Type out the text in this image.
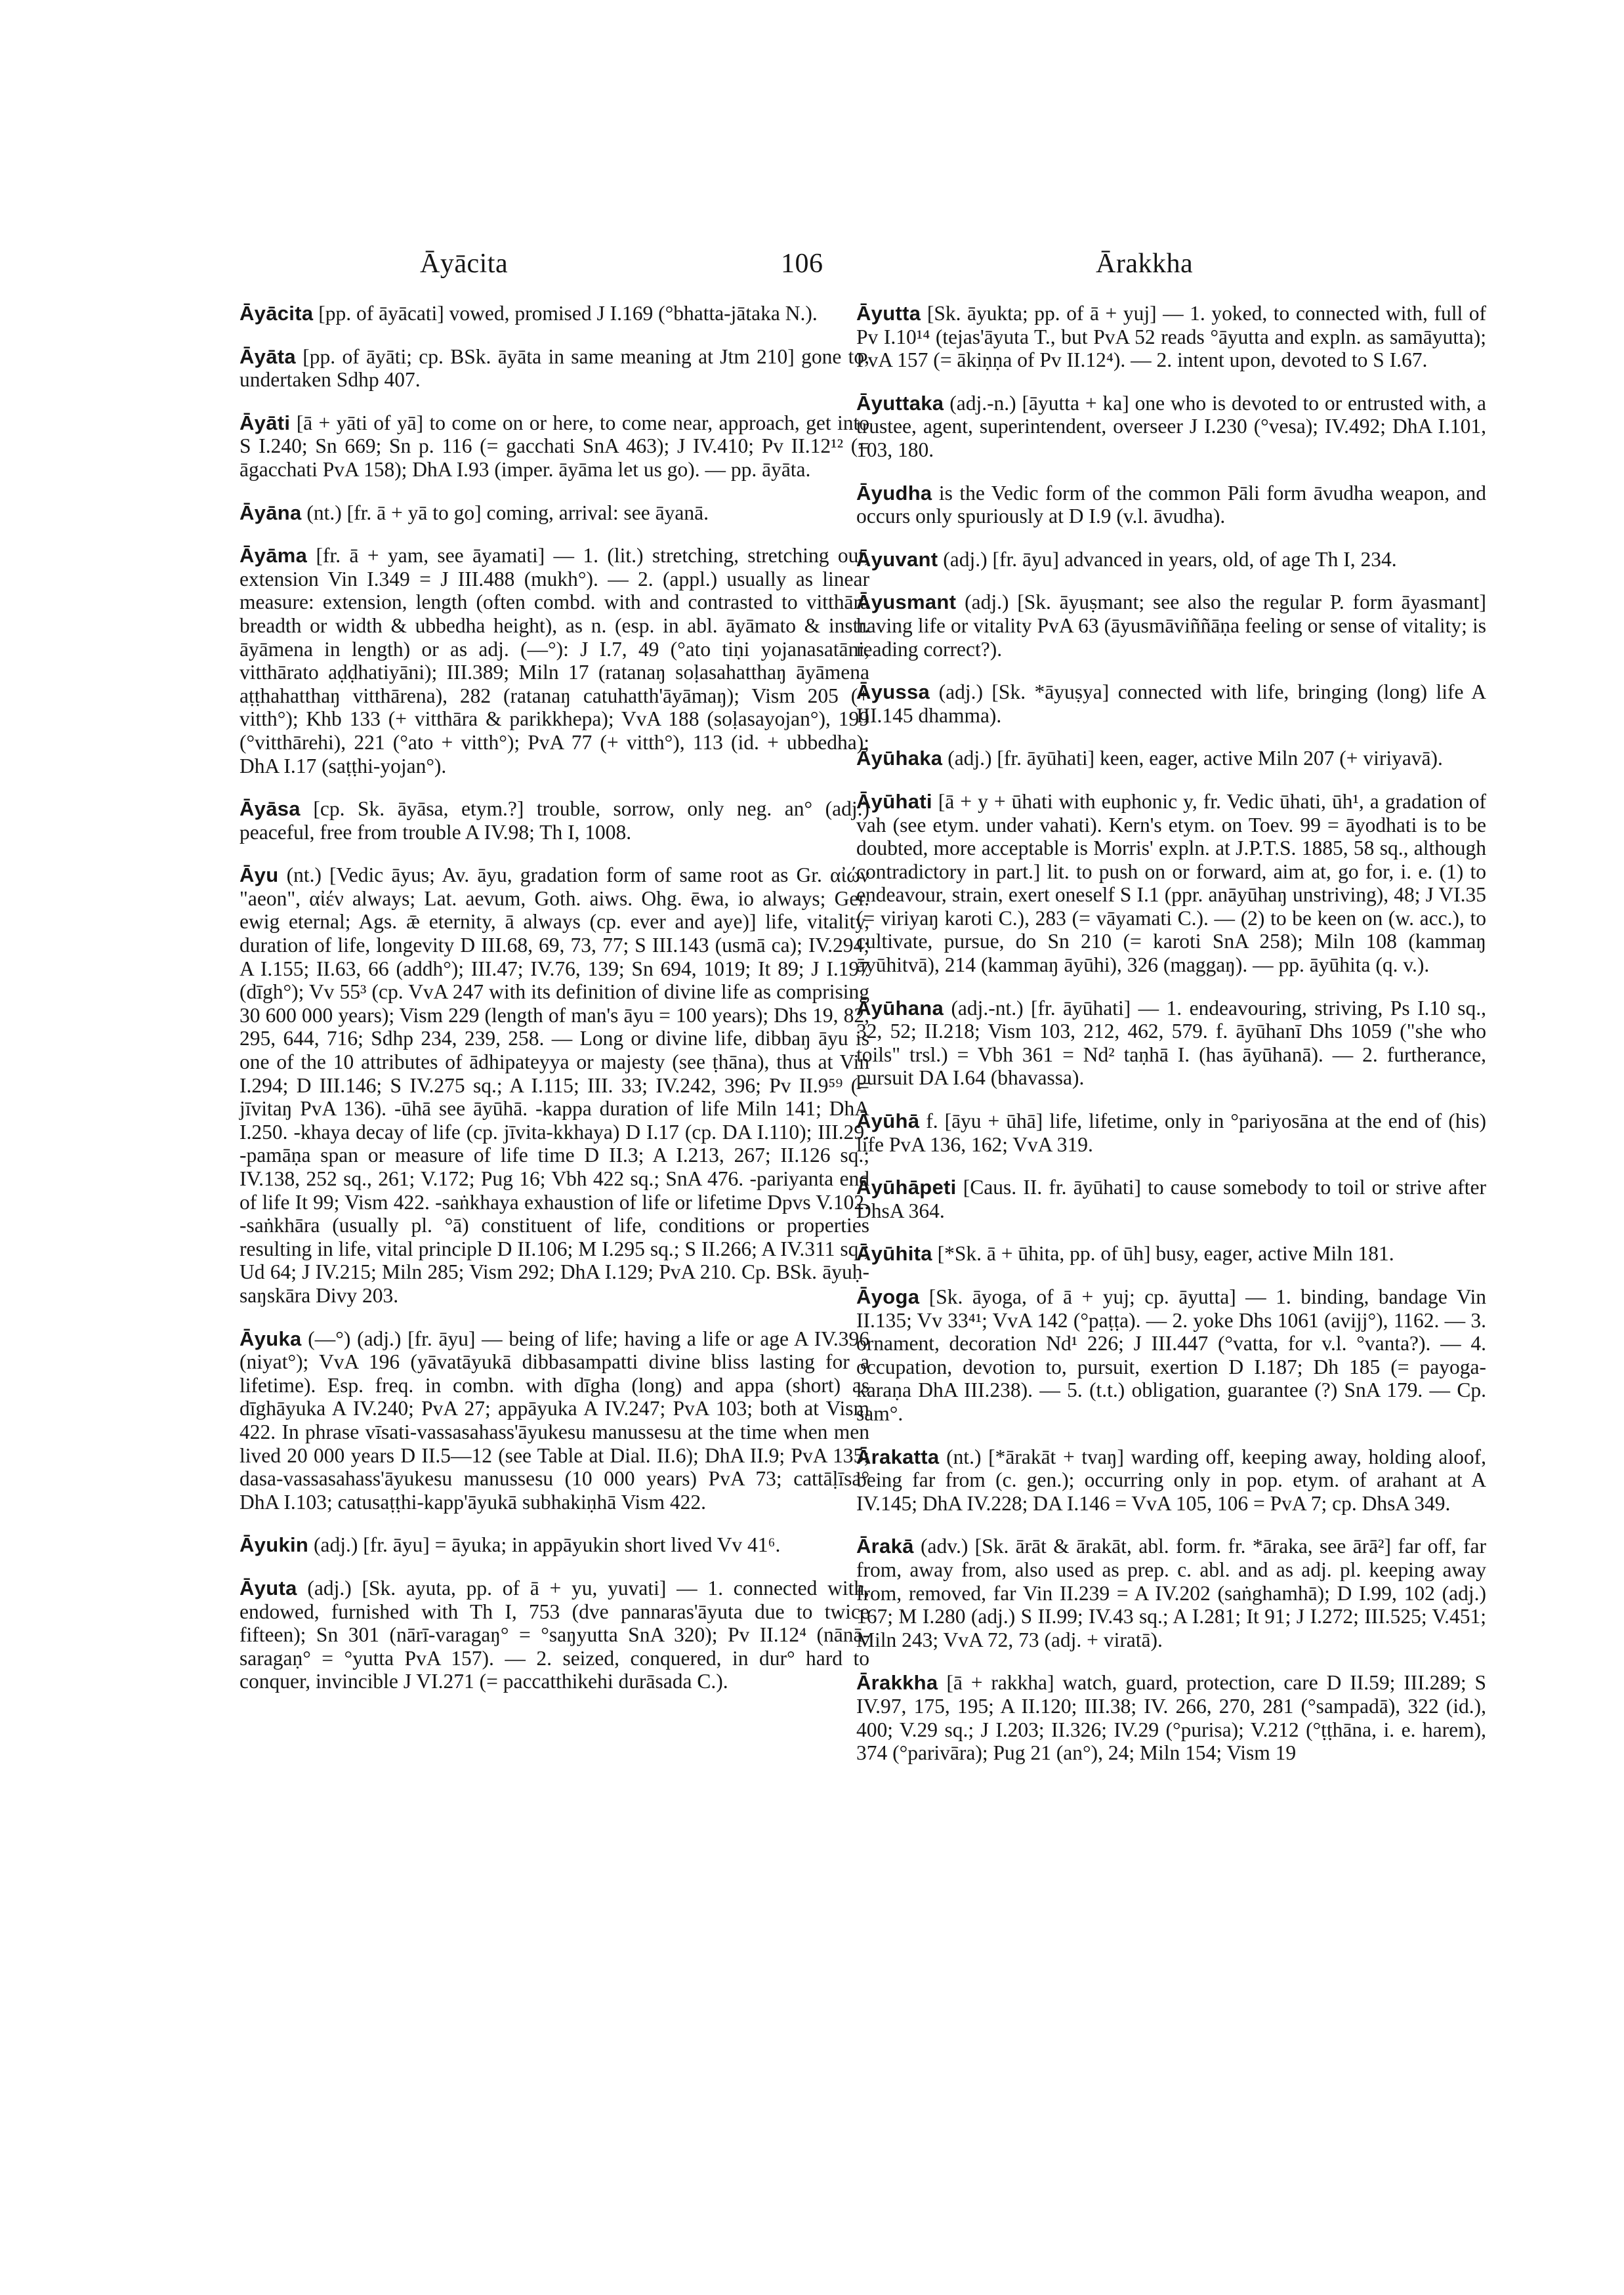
Āyācita	106	Ārakkha

Āyācita [pp. of āyācati] vowed, promised J I.169 (°bhatta-jātaka N.).

Āyāta [pp. of āyāti; cp. BSk. āyāta in same meaning at Jtm 210] gone to, undertaken Sdhp 407.

Āyāti [ā + yāti of yā] to come on or here, to come near, approach, get into S I.240; Sn 669; Sn p. 116 (= gacchati SnA 463); J IV.410; Pv II.12¹² (= āgacchati PvA 158); DhA I.93 (imper. āyāma let us go). — pp. āyāta.

Āyāna (nt.) [fr. ā + yā to go] coming, arrival: see āyanā.

Āyāma [fr. ā + yam, see āyamati] — 1. (lit.) stretching, stretching out, extension Vin I.349 = J III.488 (mukh°). — 2. (appl.) usually as linear measure: extension, length (often combd. with and contrasted to vitthāra breadth or width & ubbedha height), as n. (esp. in abl. āyāmato & instr. āyāmena in length) or as adj. (—°): J I.7, 49 (°ato tiṇi yojanasatāni, vitthārato aḍḍhatiyāni); III.389; Miln 17 (ratanaŋ soḷasahatthaŋ āyāmena aṭṭhahatthaŋ vitthārena), 282 (ratanaŋ catuhatth'āyāmaŋ); Vism 205 (+ vitth°); Khb 133 (+ vitthāra & parikkhepa); VvA 188 (soḷasayojan°), 199 (°vitthārehi), 221 (°ato + vitth°); PvA 77 (+ vitth°), 113 (id. + ubbedha); DhA I.17 (saṭṭhi-yojan°).

Āyāsa [cp. Sk. āyāsa, etym.?] trouble, sorrow, only neg. an° (adj.) peaceful, free from trouble A IV.98; Th I, 1008.

Āyu (nt.) [Vedic āyus; Av. āyu, gradation form of same root as Gr. αἰών "aeon", αἰέν always; Lat. aevum, Goth. aiws. Ohg. ēwa, io always; Ger. ewig eternal; Ags. ǣ eternity, ā always (cp. ever and aye)] life, vitality, duration of life, longevity D III.68, 69, 73, 77; S III.143 (usmā ca); IV.294; A I.155; II.63, 66 (addh°); III.47; IV.76, 139; Sn 694, 1019; It 89; J I.197 (dīgh°); Vv 55³ (cp. VvA 247 with its definition of divine life as comprising 30 600 000 years); Vism 229 (length of man's āyu = 100 years); Dhs 19, 82, 295, 644, 716; Sdhp 234, 239, 258. — Long or divine life, dibbaŋ āyu is one of the 10 attributes of ādhipateyya or majesty (see ṭhāna), thus at Vin I.294; D III.146; S IV.275 sq.; A I.115; III. 33; IV.242, 396; Pv II.9⁵⁹ (= jīvitaŋ PvA 136). -ūhā see āyūhā. -kappa duration of life Miln 141; DhA I.250. -khaya decay of life (cp. jīvita-kkhaya) D I.17 (cp. DA I.110); III.29. -pamāṇa span or measure of life time D II.3; A I.213, 267; II.126 sq.; IV.138, 252 sq., 261; V.172; Pug 16; Vbh 422 sq.; SnA 476. -pariyanta end of life It 99; Vism 422. -saṅkhaya exhaustion of life or lifetime Dpvs V.102. -saṅkhāra (usually pl. °ā) constituent of life, conditions or properties resulting in life, vital principle D II.106; M I.295 sq.; S II.266; A IV.311 sq.; Ud 64; J IV.215; Miln 285; Vism 292; DhA I.129; PvA 210. Cp. BSk. āyuḥ-saŋskāra Divy 203.

Āyuka (—°) (adj.) [fr. āyu] — being of life; having a life or age A IV.396 (niyat°); VvA 196 (yāvatāyukā dibbasampatti divine bliss lasting for a lifetime). Esp. freq. in combn. with dīgha (long) and appa (short) as dīghāyuka A IV.240; PvA 27; appāyuka A IV.247; PvA 103; both at Vism 422. In phrase vīsati-vassasahass'āyukesu manussesu at the time when men lived 20 000 years D II.5—12 (see Table at Dial. II.6); DhA II.9; PvA 135; dasa-vassasahass'āyukesu manussesu (10 000 years) PvA 73; cattāḷīsa° DhA I.103; catusaṭṭhi-kapp'āyukā subhakiṇhā Vism 422.

Āyukin (adj.) [fr. āyu] = āyuka; in appāyukin short lived Vv 41⁶.

Āyuta (adj.) [Sk. ayuta, pp. of ā + yu, yuvati] — 1. connected with, endowed, furnished with Th I, 753 (dve pannaras'āyuta due to twice fifteen); Sn 301 (nārī-varagaŋ° = °saŋyutta SnA 320); Pv II.12⁴ (nānā-saragaṇ° = °yutta PvA 157). — 2. seized, conquered, in dur° hard to conquer, invincible J VI.271 (= paccatthikehi durāsada C.).

Āyutta [Sk. āyukta; pp. of ā + yuj] — 1. yoked, to connected with, full of Pv I.10¹⁴ (tejas'āyuta T., but PvA 52 reads °āyutta and expln. as samāyutta); PvA 157 (= ākiṇṇa of Pv II.12⁴). — 2. intent upon, devoted to S I.67.

Āyuttaka (adj.-n.) [āyutta + ka] one who is devoted to or entrusted with, a trustee, agent, superintendent, overseer J I.230 (°vesa); IV.492; DhA I.101, 103, 180.

Āyudha is the Vedic form of the common Pāli form āvudha weapon, and occurs only spuriously at D I.9 (v.l. āvudha).

Āyuvant (adj.) [fr. āyu] advanced in years, old, of age Th I, 234.

Āyusmant (adj.) [Sk. āyuṣmant; see also the regular P. form āyasmant] having life or vitality PvA 63 (āyusmāviññāṇa feeling or sense of vitality; is reading correct?).

Āyussa (adj.) [Sk. *āyuṣya] connected with life, bringing (long) life A III.145 dhamma).

Āyūhaka (adj.) [fr. āyūhati] keen, eager, active Miln 207 (+ viriyavā).

Āyūhati [ā + y + ūhati with euphonic y, fr. Vedic ūhati, ūh¹, a gradation of vah (see etym. under vahati). Kern's etym. on Toev. 99 = āyodhati is to be doubted, more acceptable is Morris' expln. at J.P.T.S. 1885, 58 sq., although contradictory in part.] lit. to push on or forward, aim at, go for, i. e. (1) to endeavour, strain, exert oneself S I.1 (ppr. anāyūhaŋ unstriving), 48; J VI.35 (= viriyaŋ karoti C.), 283 (= vāyamati C.). — (2) to be keen on (w. acc.), to cultivate, pursue, do Sn 210 (= karoti SnA 258); Miln 108 (kammaŋ āyūhitvā), 214 (kammaŋ āyūhi), 326 (maggaŋ). — pp. āyūhita (q. v.).

Āyūhana (adj.-nt.) [fr. āyūhati] — 1. endeavouring, striving, Ps I.10 sq., 32, 52; II.218; Vism 103, 212, 462, 579. f. āyūhanī Dhs 1059 ("she who toils" trsl.) = Vbh 361 = Nd² taṇhā I. (has āyūhanā). — 2. furtherance, pursuit DA I.64 (bhavassa).

Āyūhā f. [āyu + ūhā] life, lifetime, only in °pariyosāna at the end of (his) life PvA 136, 162; VvA 319.

Āyūhāpeti [Caus. II. fr. āyūhati] to cause somebody to toil or strive after DhsA 364.

Āyūhita [*Sk. ā + ūhita, pp. of ūh] busy, eager, active Miln 181.

Āyoga [Sk. āyoga, of ā + yuj; cp. āyutta] — 1. binding, bandage Vin II.135; Vv 33⁴¹; VvA 142 (°paṭṭa). — 2. yoke Dhs 1061 (avijj°), 1162. — 3. ornament, decoration Nd¹ 226; J III.447 (°vatta, for v.l. °vanta?). — 4. occupation, devotion to, pursuit, exertion D I.187; Dh 185 (= payoga-karaṇa DhA III.238). — 5. (t.t.) obligation, guarantee (?) SnA 179. — Cp. sam°.

Ārakatta (nt.) [*ārakāt + tvaŋ] warding off, keeping away, holding aloof, being far from (c. gen.); occurring only in pop. etym. of arahant at A IV.145; DhA IV.228; DA I.146 = VvA 105, 106 = PvA 7; cp. DhsA 349.

Ārakā (adv.) [Sk. ārāt & ārakāt, abl. form. fr. *āraka, see ārā²] far off, far from, away from, also used as prep. c. abl. and as adj. pl. keeping away from, removed, far Vin II.239 = A IV.202 (saṅghamhā); D I.99, 102 (adj.) 167; M I.280 (adj.) S II.99; IV.43 sq.; A I.281; It 91; J I.272; III.525; V.451; Miln 243; VvA 72, 73 (adj. + viratā).

Ārakkha [ā + rakkha] watch, guard, protection, care D II.59; III.289; S IV.97, 175, 195; A II.120; III.38; IV. 266, 270, 281 (°sampadā), 322 (id.), 400; V.29 sq.; J I.203; II.326; IV.29 (°purisa); V.212 (°ṭṭhāna, i. e. harem), 374 (°parivāra); Pug 21 (an°), 24; Miln 154; Vism 19
